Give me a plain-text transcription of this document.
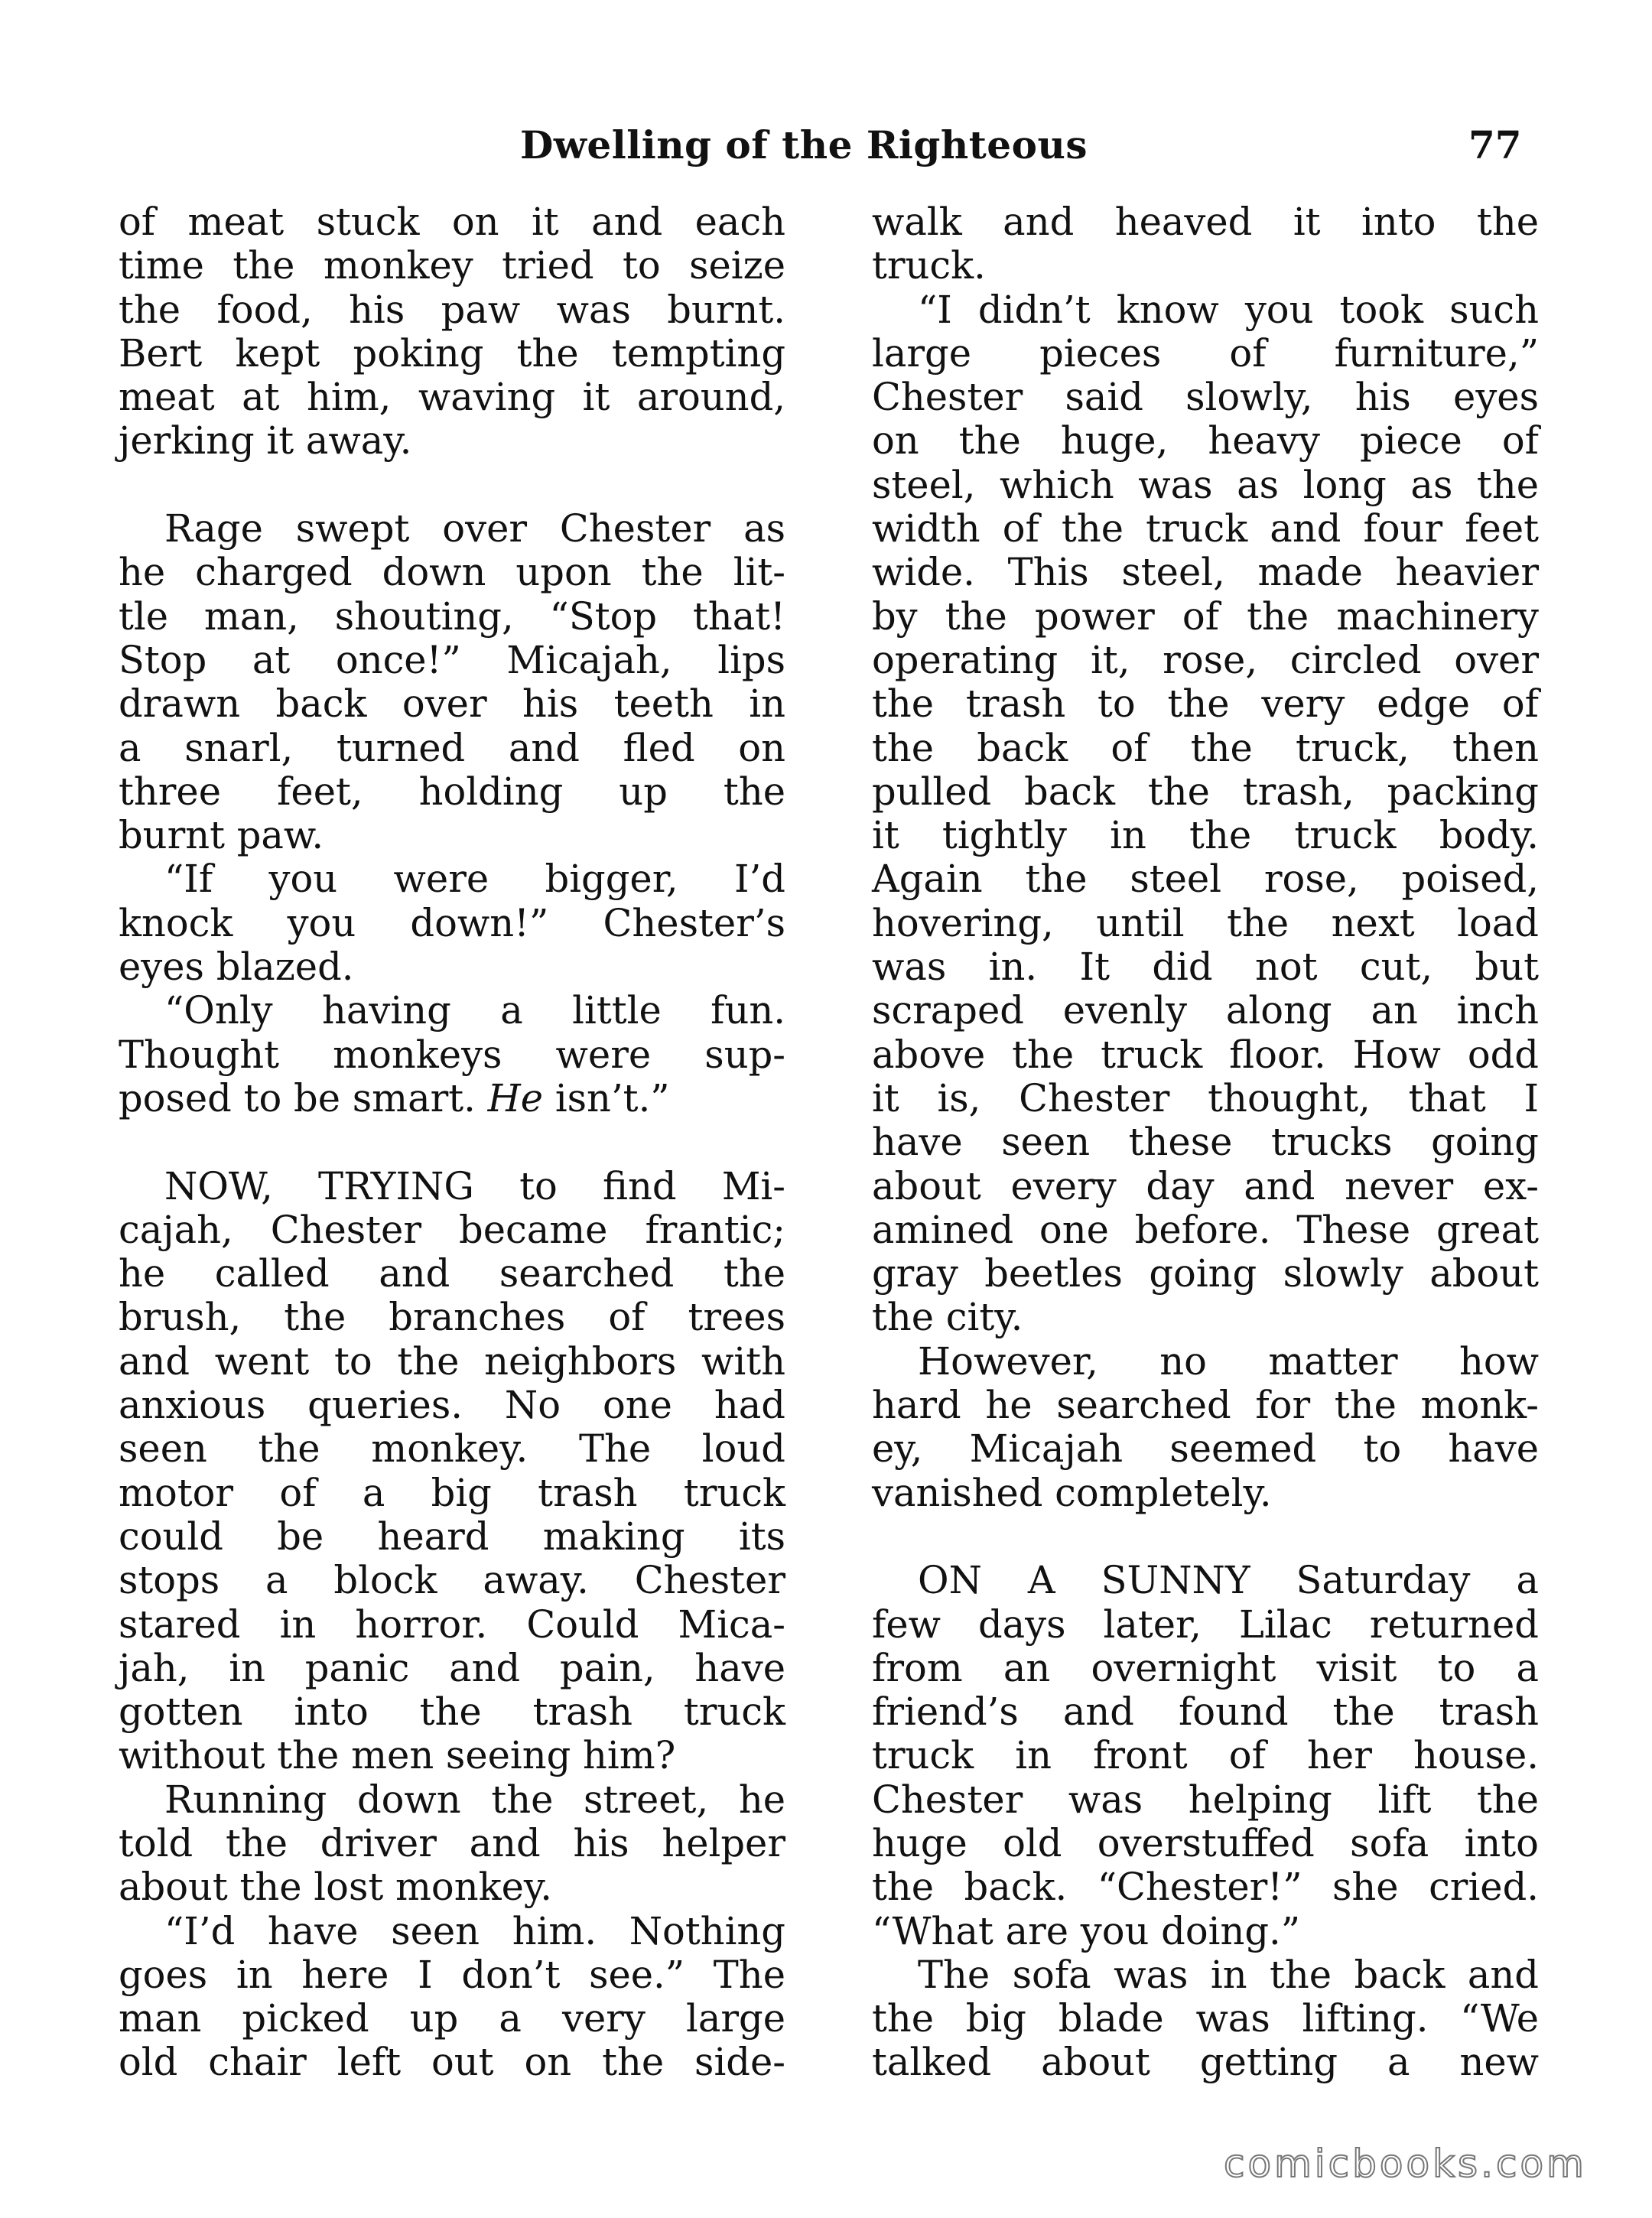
Dwelling of the Righteous	77
of meat stuck on it and each
time the monkey tried to seize
the food, his paw was burnt.
Bert kept poking the tempting
meat at him, waving it around,
jerking it away.
Rage swept over Chester as
he charged down upon the lit-
tle man, shouting, “Stop that!
Stop at once!” Micajah, lips
drawn back over his teeth in
a snarl, turned and fled on
three feet, holding up the
burnt paw.
“If you were bigger, I’d
knock you down!” Chester’s
eyes blazed.
“Only having a little fun.
Thought monkeys were sup-
posed to be smart. He isn’t.”
NOW, TRYING to find Mi-
cajah, Chester became frantic;
he called and searched the
brush, the branches of trees
and went to the neighbors with
anxious queries. No one had
seen the monkey. The loud
motor of a big trash truck
could be heard making its
stops a block away. Chester
stared in horror. Could Mica-
jah, in panic and pain, have
gotten into the trash truck
without the men seeing him?
Running down the street, he
told the driver and his helper
about the lost monkey.
“I’d have seen him. Nothing
goes in here I don’t see.” The
man picked up a very large
old chair left out on the side-
walk and heaved it into the
truck.
“I didn’t know you took such
large pieces of furniture,”
Chester said slowly, his eyes
on the huge, heavy piece of
steel, which was as long as the
width of the truck and four feet
wide. This steel, made heavier
by the power of the machinery
operating it, rose, circled over
the trash to the very edge of
the back of the truck, then
pulled back the trash, packing
it tightly in the truck body.
Again the steel rose, poised,
hovering, until the next load
was in. It did not cut, but
scraped evenly along an inch
above the truck floor. How odd
it is, Chester thought, that I
have seen these trucks going
about every day and never ex-
amined one before. These great
gray beetles going slowly about
the city.
However, no matter how
hard he searched for the monk-
ey, Micajah seemed to have
vanished completely.
ON A SUNNY Saturday a
few days later, Lilac returned
from an overnight visit to a
friend’s and found the trash
truck in front of her house.
Chester was helping lift the
huge old overstuffed sofa into
the back. “Chester!” she cried.
“What are you doing.”
The sofa was in the back and
the big blade was lifting. “We
talked about getting a new
comicbooks.com
